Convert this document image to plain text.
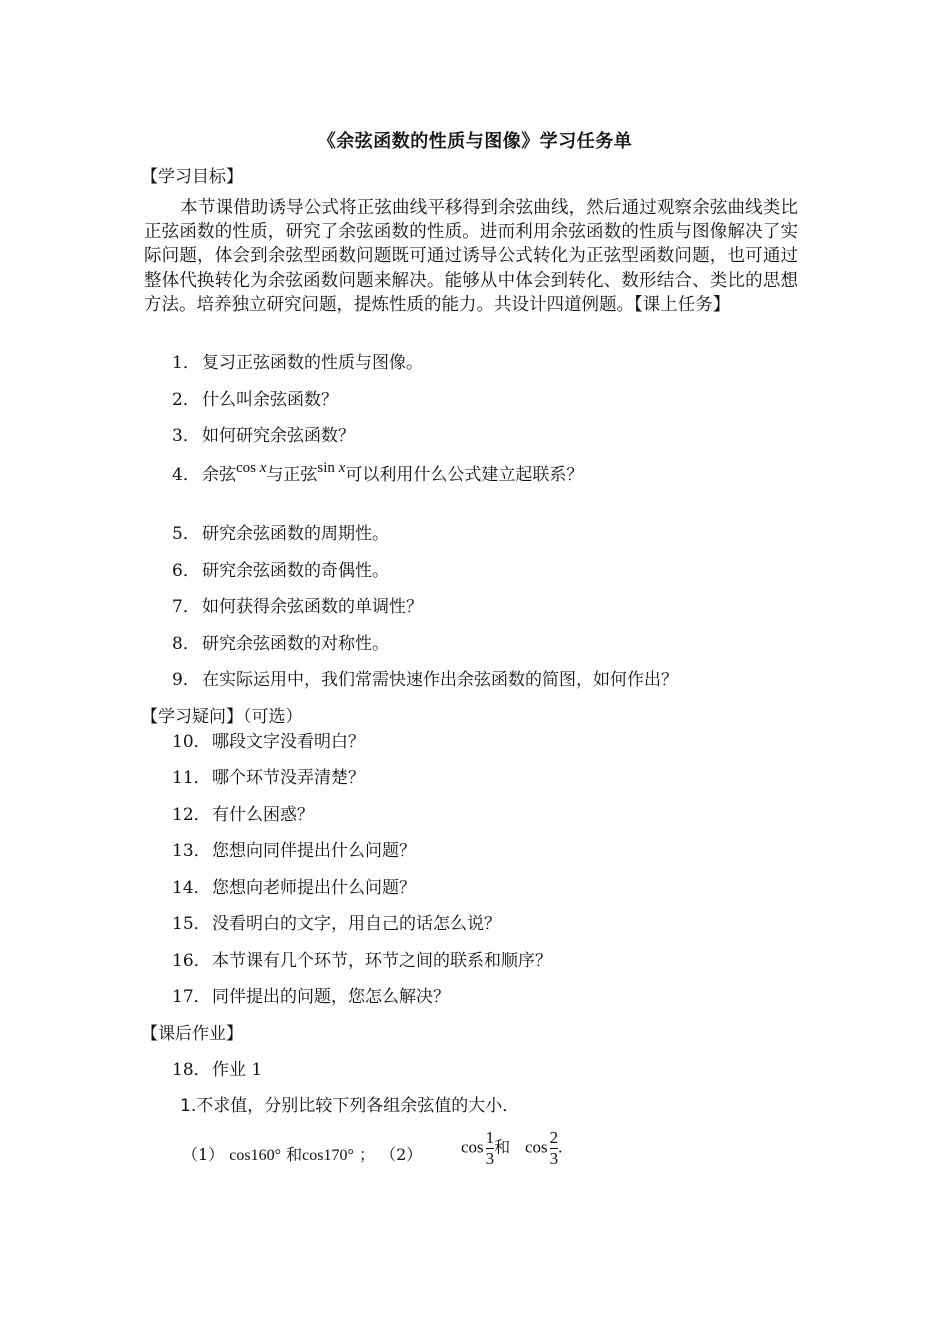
《余弦函数的性质与图像》学习任务单
【学习目标】
本节课借助诱导公式将正弦曲线平移得到余弦曲线，然后通过观察余弦曲线类比正弦函数的性质，研究了余弦函数的性质。进而利用余弦函数的性质与图像解决了实际问题，体会到余弦型函数问题既可通过诱导公式转化为正弦型函数问题，也可通过整体代换转化为余弦函数问题来解决。能够从中体会到转化、数形结合、类比的思想方法。培养独立研究问题，提炼性质的能力。共设计四道例题。【课上任务】
1． 复习正弦函数的性质与图像。
2． 什么叫余弦函数？
3． 如何研究余弦函数？
4． 余弦cos x与正弦sin x可以利用什么公式建立起联系？
5． 研究余弦函数的周期性。
6． 研究余弦函数的奇偶性。
7． 如何获得余弦函数的单调性？
8． 研究余弦函数的对称性。
9． 在实际运用中，我们常需快速作出余弦函数的简图，如何作出？
【学习疑问】（可选）
10．哪段文字没看明白？
11．哪个环节没弄清楚？
12．有什么困惑？
13．您想向同伴提出什么问题？
14．您想向老师提出什么问题？
15．没看明白的文字，用自己的话怎么说？
16．本节课有几个环节，环节之间的联系和顺序？
17．同伴提出的问题，您怎么解决？
【课后作业】
18．作业 1
1.不求值，分别比较下列各组余弦值的大小．
（1） cos160° 和cos170° ； （2） $\cos \frac{1}{3}$ 和 $\cos \frac{2}{3}$ .
